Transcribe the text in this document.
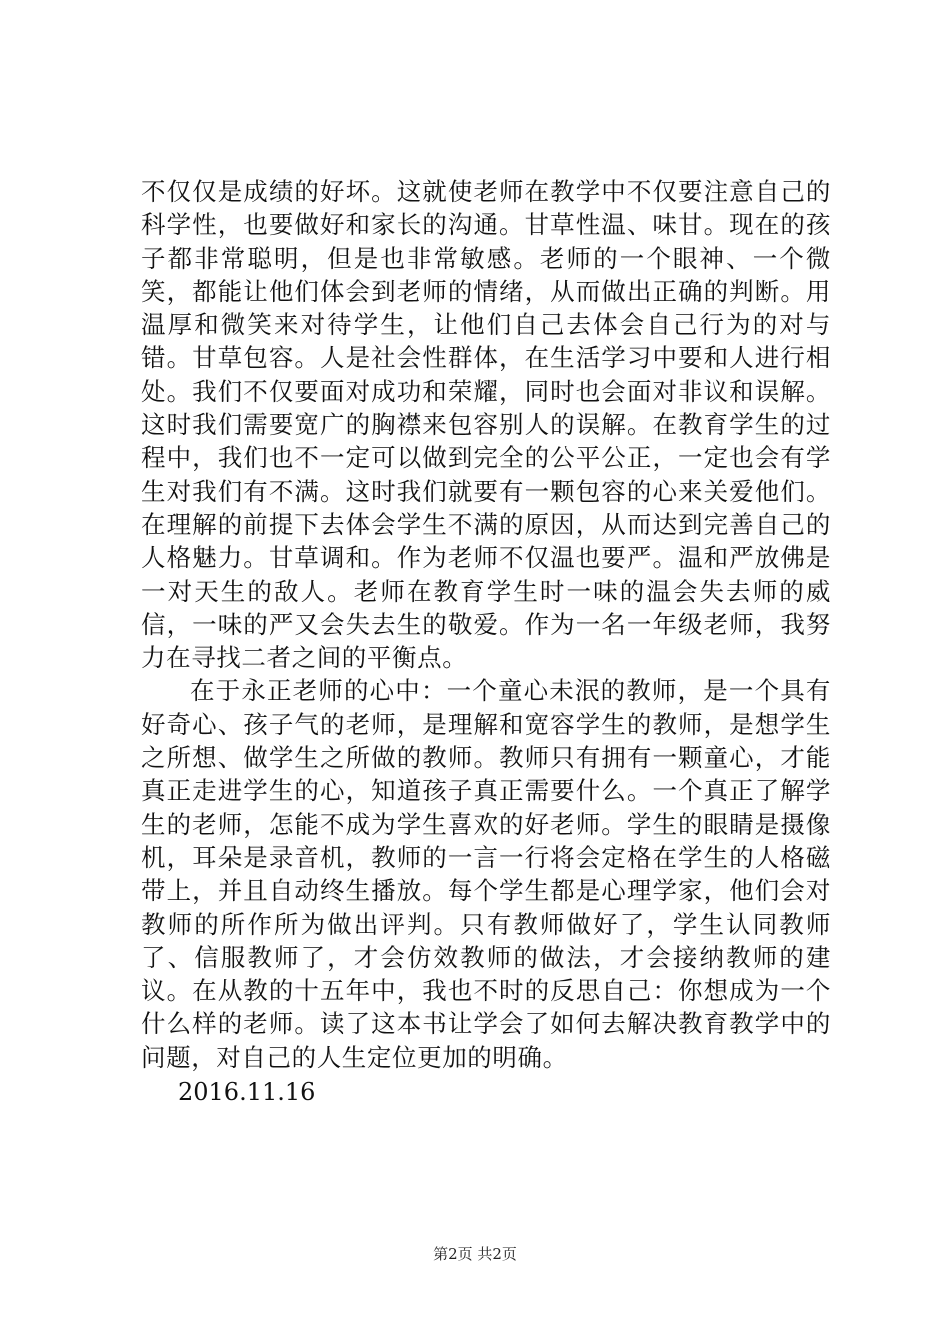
不仅仅是成绩的好坏。这就使老师在教学中不仅要注意自己的科学性，也要做好和家长的沟通。甘草性温、味甘。现在的孩子都非常聪明，但是也非常敏感。老师的一个眼神、一个微笑，都能让他们体会到老师的情绪，从而做出正确的判断。用温厚和微笑来对待学生，让他们自己去体会自己行为的对与错。甘草包容。人是社会性群体，在生活学习中要和人进行相处。我们不仅要面对成功和荣耀，同时也会面对非议和误解。这时我们需要宽广的胸襟来包容别人的误解。在教育学生的过程中，我们也不一定可以做到完全的公平公正，一定也会有学生对我们有不满。这时我们就要有一颗包容的心来关爱他们。在理解的前提下去体会学生不满的原因，从而达到完善自己的人格魅力。甘草调和。作为老师不仅温也要严。温和严放佛是一对天生的敌人。老师在教育学生时一味的温会失去师的威信，一味的严又会失去生的敬爱。作为一名一年级老师，我努力在寻找二者之间的平衡点。

在于永正老师的心中：一个童心未泯的教师，是一个具有好奇心、孩子气的老师，是理解和宽容学生的教师，是想学生之所想、做学生之所做的教师。教师只有拥有一颗童心，才能真正走进学生的心，知道孩子真正需要什么。一个真正了解学生的老师，怎能不成为学生喜欢的好老师。学生的眼睛是摄像机，耳朵是录音机，教师的一言一行将会定格在学生的人格磁带上，并且自动终生播放。每个学生都是心理学家，他们会对教师的所作所为做出评判。只有教师做好了，学生认同教师了、信服教师了，才会仿效教师的做法，才会接纳教师的建议。在从教的十五年中，我也不时的反思自己：你想成为一个什么样的老师。读了这本书让学会了如何去解决教育教学中的问题，对自己的人生定位更加的明确。

2016.11.16

第2页 共2页
